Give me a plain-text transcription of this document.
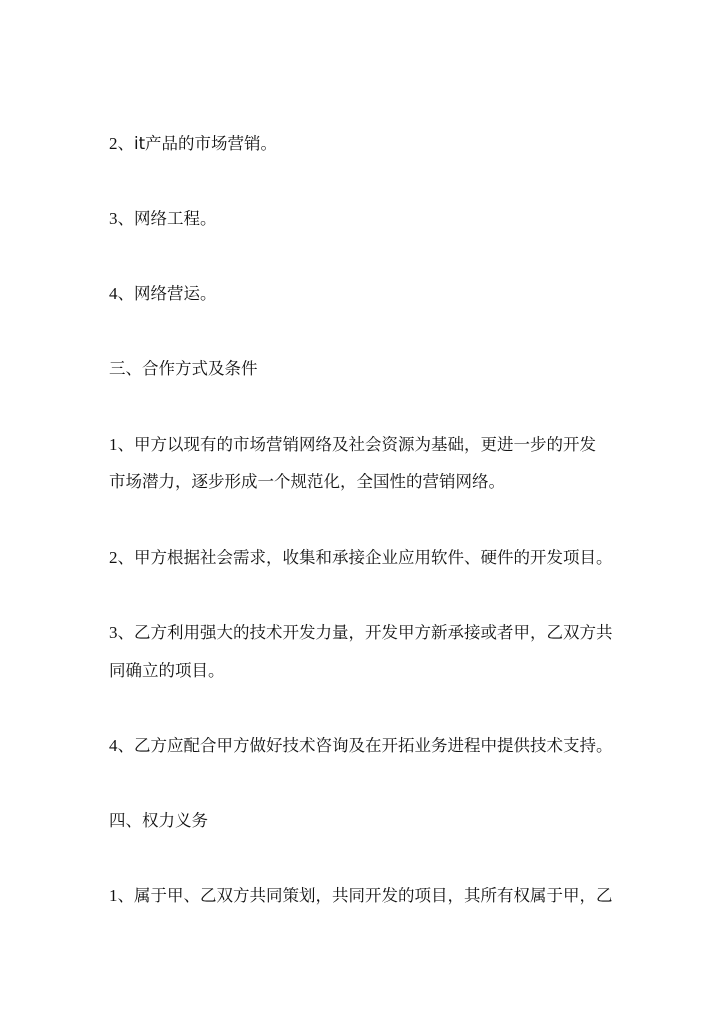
2、it产品的市场营销。

3、网络工程。

4、网络营运。

三、合作方式及条件

1、甲方以现有的市场营销网络及社会资源为基础，更进一步的开发

市场潜力，逐步形成一个规范化，全国性的营销网络。

2、甲方根据社会需求，收集和承接企业应用软件、硬件的开发项目。

3、乙方利用强大的技术开发力量，开发甲方新承接或者甲，乙双方共

同确立的项目。

4、乙方应配合甲方做好技术咨询及在开拓业务进程中提供技术支持。

四、权力义务

1、属于甲、乙双方共同策划，共同开发的项目，其所有权属于甲，乙
